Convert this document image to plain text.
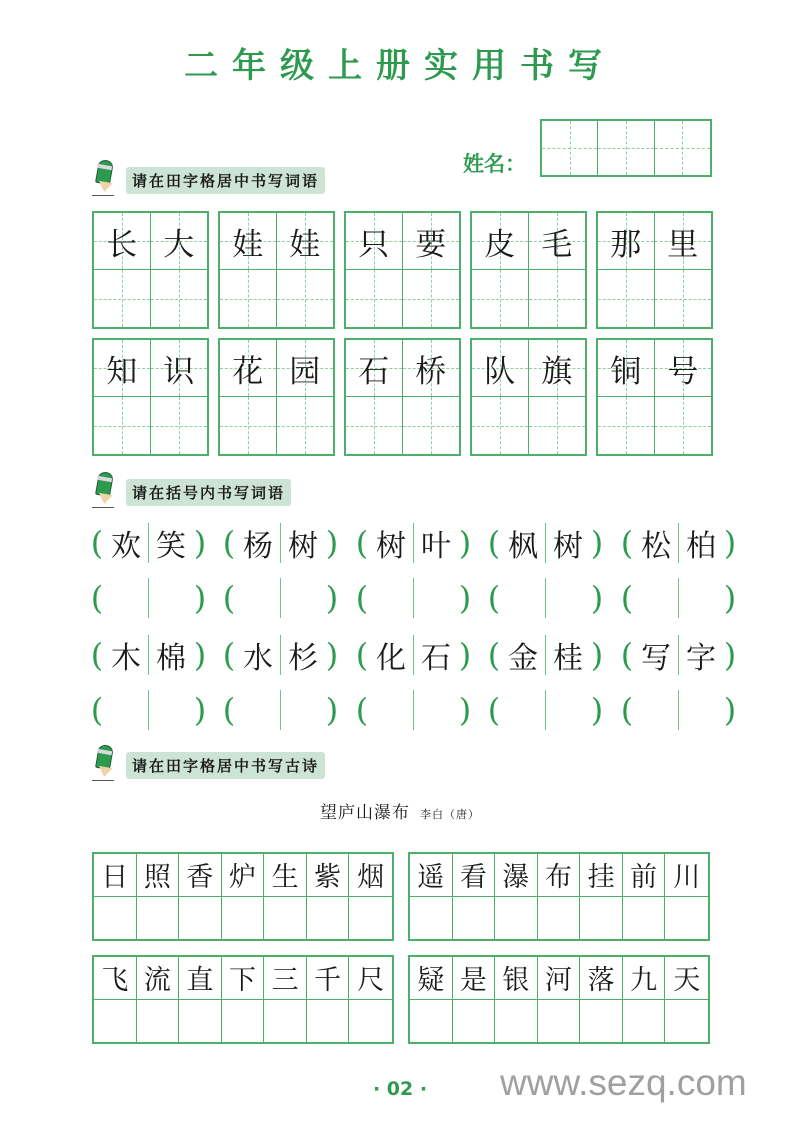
二年级上册实用书写
姓名：
请在田字格居中书写词语
长 大 娃 娃 只 要 皮 毛 那 里
知 识 花 园 石 桥 队 旗 铜 号
请在括号内书写词语
( 欢 笑 )
(	)
( 杨 树 )
(	)
( 树 叶 )
(	)
( 枫 树 )
(	)
( 松 柏 )
(	)
( 木 棉 )
(	)
( 水 杉 )
(	)
( 化 石 )
(	)
( 金 桂 )
(	)
( 写 字 )
(	)
请在田字格居中书写古诗
望庐山瀑布 李白（唐）
日 照 香 炉 生 紫 烟 遥 看 瀑 布 挂 前 川
飞 流 直 下 三 千 尺 疑 是 银 河 落 九 天
· 02 · www.sezq.com
